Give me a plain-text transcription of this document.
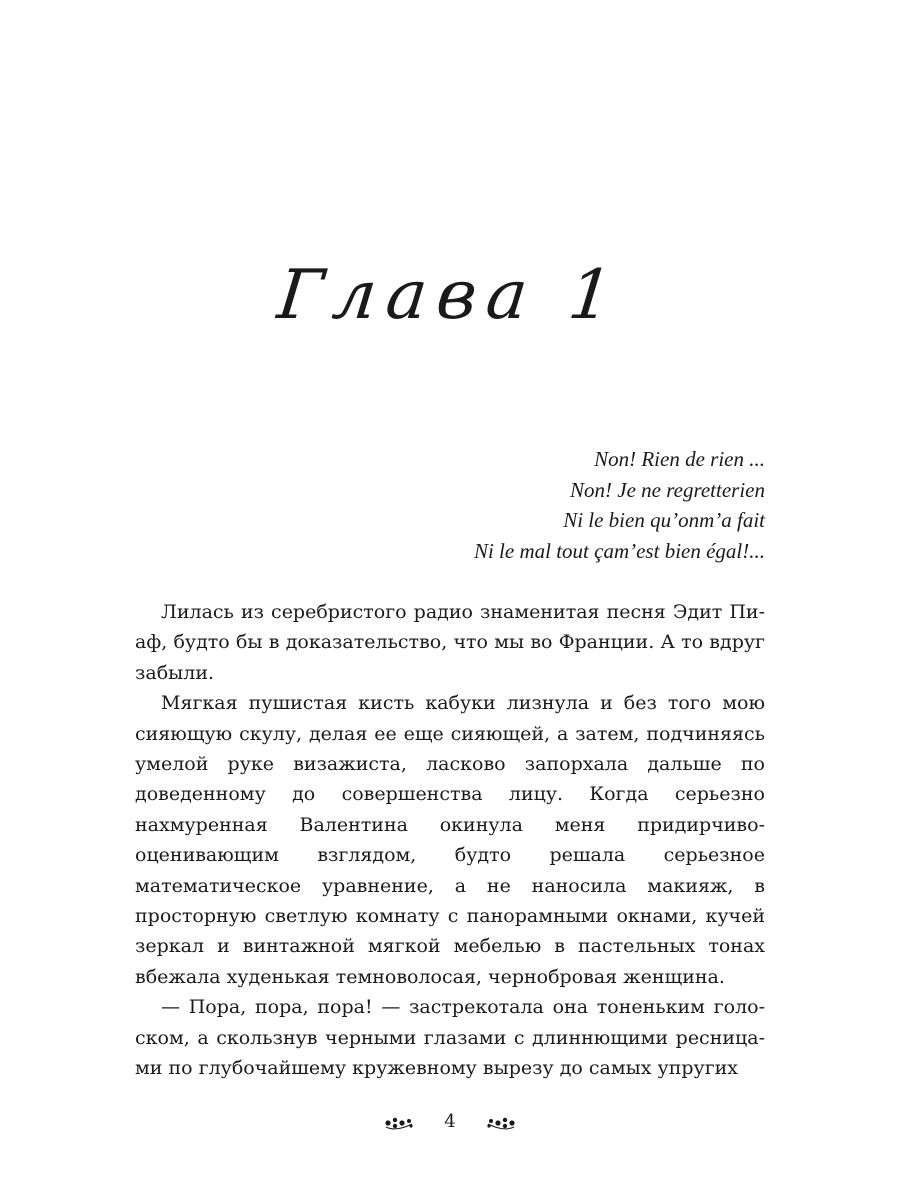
Глава 1
Non! Rien de rien ...
Non! Je ne regretterien
Ni le bien qu’onm’a fait
Ni le mal tout çam’est bien égal!...

Лилась из серебристого радио знаменитая песня Эдит Пиаф, будто бы в доказательство, что мы во Франции. А то вдруг забыли.

Мягкая пушистая кисть кабуки лизнула и без того мою сияющую скулу, делая ее еще сияющей, а затем, подчиняясь умелой руке визажиста, ласково запорхала дальше по доведенному до совершенства лицу. Когда серьезно нахмуренная Валентина окинула меня придирчиво-оценивающим взглядом, будто решала серьезное математическое уравнение, а не наносила макияж, в просторную светлую комнату с панорамными окнами, кучей зеркал и винтажной мягкой мебелью в пастельных тонах вбежала худенькая темноволосая, чернобровая женщина.

— Пора, пора, пора! — застрекотала она тоненьким голоском, а скользнув черными глазами с длиннющими ресницами по глубочайшему кружевному вырезу до самых упругих

4
